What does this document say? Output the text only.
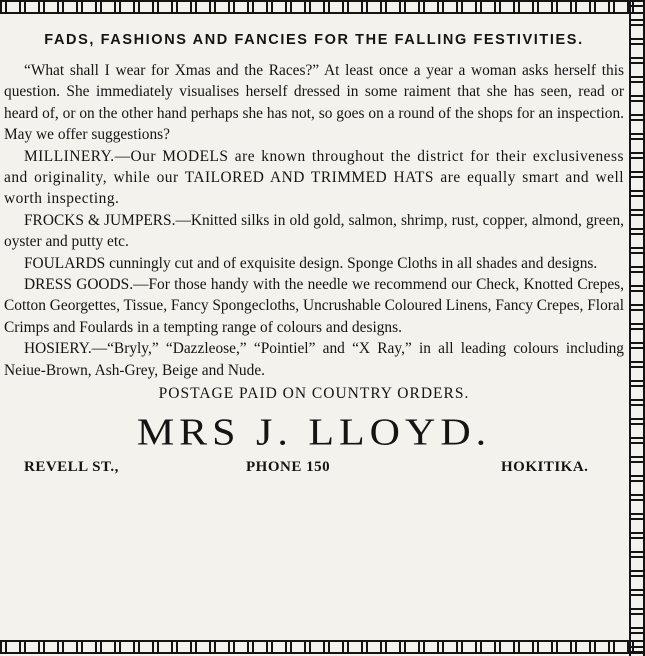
FADS, FASHIONS AND FANCIES FOR THE FALLING FESTIVITIES.

“What shall I wear for Xmas and the Races?” At least once a year a woman asks herself this question. She immediately visualises herself dressed in some raiment that she has seen, read or heard of, or on the other hand perhaps she has not, so goes on a round of the shops for an inspection. May we offer suggestions?

MILLINERY.—Our MODELS are known throughout the district for their exclusiveness and originality, while our TAILORED AND TRIMMED HATS are equally smart and well worth inspecting.

FROCKS & JUMPERS.—Knitted silks in old gold, salmon, shrimp, rust, copper, almond, green, oyster and putty etc.

FOULARDS cunningly cut and of exquisite design. Sponge Cloths in all shades and designs.

DRESS GOODS.—For those handy with the needle we recommend our Check, Knotted Crepes, Cotton Georgettes, Tissue, Fancy Spongecloths, Uncrushable Coloured Linens, Fancy Crepes, Floral Crimps and Foulards in a tempting range of colours and designs.

HOSIERY.—“Bryly,” “Dazzleose,” “Pointiel” and “X Ray,” in all leading colours including Neiue-Brown, Ash-Grey, Beige and Nude.

POSTAGE PAID ON COUNTRY ORDERS.
MRS J. LLOYD.
REVELL ST.,	PHONE 150	HOKITIKA.
